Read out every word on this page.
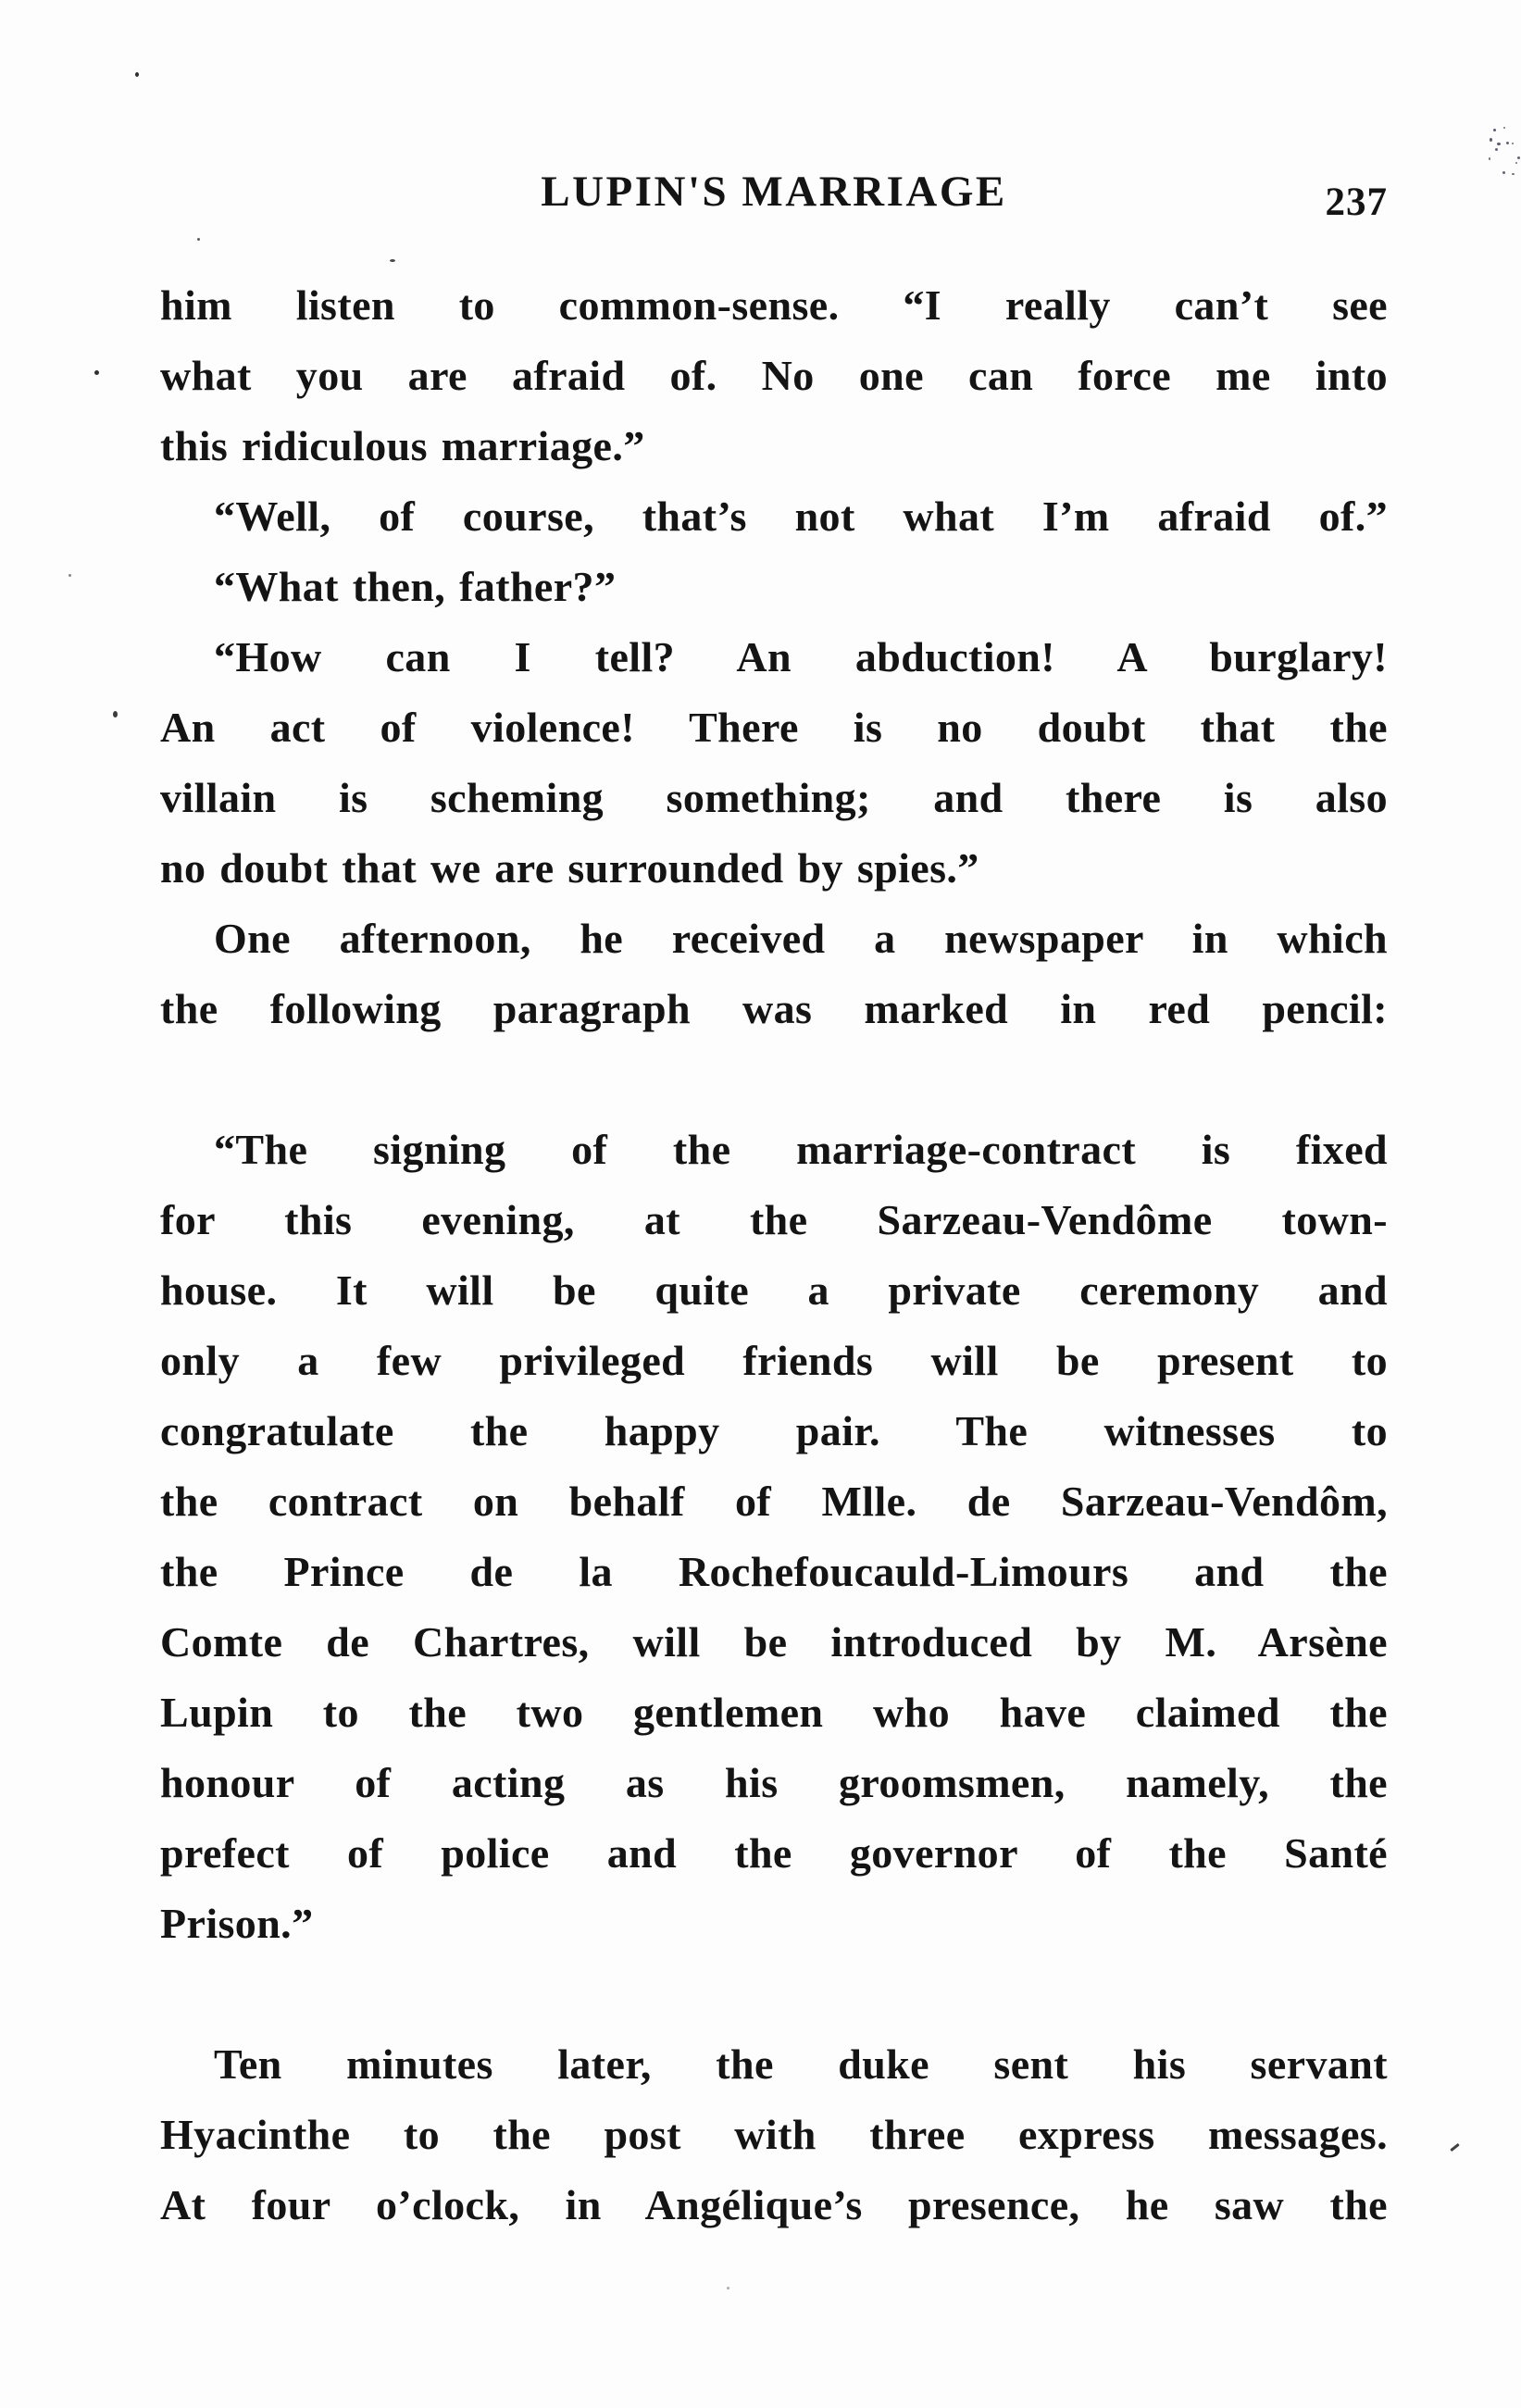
LUPIN'S MARRIAGE	237
him listen to common-sense. “I really can’t see
what you are afraid of. No one can force me into
this ridiculous marriage.”
“Well, of course, that’s not what I’m afraid of.”
“What then, father?”
“How can I tell? An abduction! A burglary!
An act of violence! There is no doubt that the
villain is scheming something; and there is also
no doubt that we are surrounded by spies.”
One afternoon, he received a newspaper in which
the following paragraph was marked in red pencil:
“The signing of the marriage-contract is fixed
for this evening, at the Sarzeau-Vendôme town-
house. It will be quite a private ceremony and
only a few privileged friends will be present to
congratulate the happy pair. The witnesses to
the contract on behalf of Mlle. de Sarzeau-Vendôm,
the Prince de la Rochefoucauld-Limours and the
Comte de Chartres, will be introduced by M. Arsène
Lupin to the two gentlemen who have claimed the
honour of acting as his groomsmen, namely, the
prefect of police and the governor of the Santé
Prison.”
Ten minutes later, the duke sent his servant
Hyacinthe to the post with three express messages.
At four o’clock, in Angélique’s presence, he saw the
